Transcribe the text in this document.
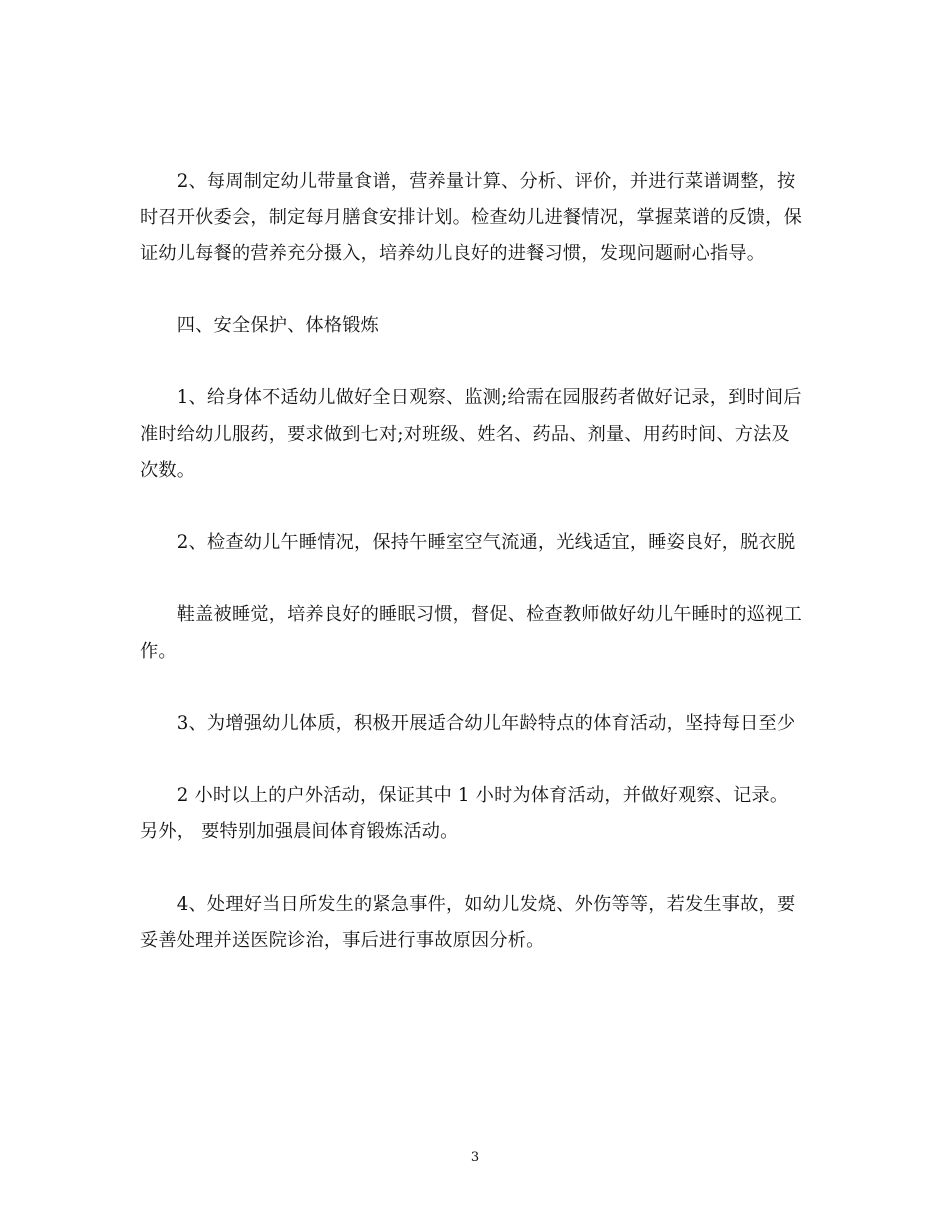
　　2、每周制定幼儿带量食谱，营养量计算、分析、评价，并进行菜谱调整，按
时召开伙委会，制定每月膳食安排计划。检查幼儿进餐情况，掌握菜谱的反馈，保
证幼儿每餐的营养充分摄入，培养幼儿良好的进餐习惯，发现问题耐心指导。
　　四、安全保护、体格锻炼
　　1、给身体不适幼儿做好全日观察、监测;给需在园服药者做好记录，到时间后
准时给幼儿服药，要求做到七对;对班级、姓名、药品、剂量、用药时间、方法及
次数。
　　2、检查幼儿午睡情况，保持午睡室空气流通，光线适宜，睡姿良好，脱衣脱
　　鞋盖被睡觉，培养良好的睡眠习惯，督促、检查教师做好幼儿午睡时的巡视工
作。
　　3、为增强幼儿体质，积极开展适合幼儿年龄特点的体育活动，坚持每日至少
　　2 小时以上的户外活动，保证其中 1 小时为体育活动，并做好观察、记录。
另外， 要特别加强晨间体育锻炼活动。
　　4、处理好当日所发生的紧急事件，如幼儿发烧、外伤等等，若发生事故，要
妥善处理并送医院诊治，事后进行事故原因分析。
3
